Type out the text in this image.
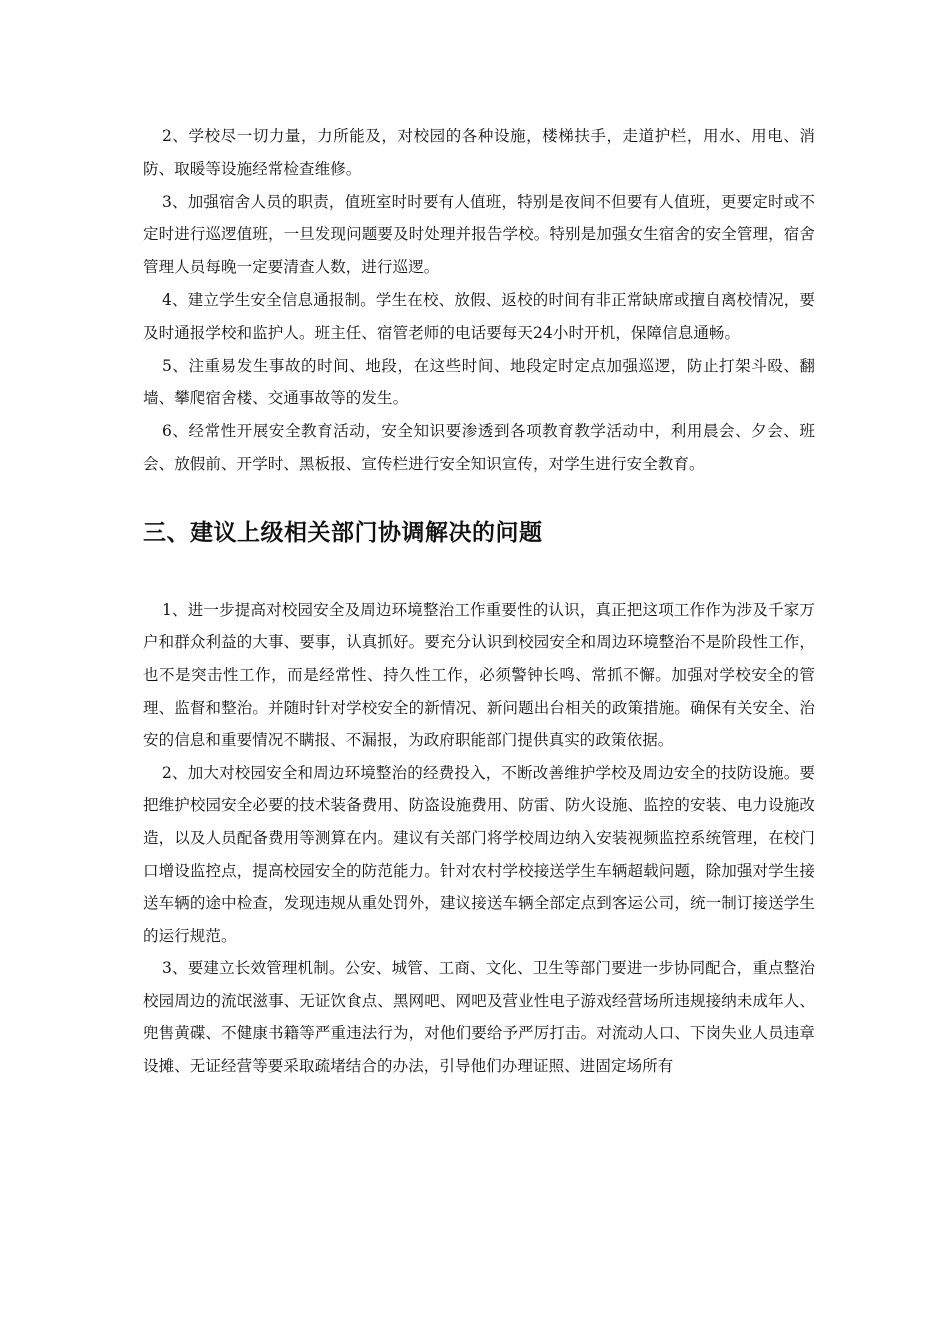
2、学校尽一切力量，力所能及，对校园的各种设施，楼梯扶手，走道护栏，用水、用电、消防、取暖等设施经常检查维修。

3、加强宿舍人员的职责，值班室时时要有人值班，特别是夜间不但要有人值班，更要定时或不定时进行巡逻值班，一旦发现问题要及时处理并报告学校。特别是加强女生宿舍的安全管理，宿舍管理人员每晚一定要清查人数，进行巡逻。

4、建立学生安全信息通报制。学生在校、放假、返校的时间有非正常缺席或擅自离校情况，要及时通报学校和监护人。班主任、宿管老师的电话要每天24小时开机，保障信息通畅。

5、注重易发生事故的时间、地段，在这些时间、地段定时定点加强巡逻，防止打架斗殴、翻墙、攀爬宿舍楼、交通事故等的发生。

6、经常性开展安全教育活动，安全知识要渗透到各项教育教学活动中，利用晨会、夕会、班会、放假前、开学时、黑板报、宣传栏进行安全知识宣传，对学生进行安全教育。

三、建议上级相关部门协调解决的问题

1、进一步提高对校园安全及周边环境整治工作重要性的认识，真正把这项工作作为涉及千家万户和群众利益的大事、要事，认真抓好。要充分认识到校园安全和周边环境整治不是阶段性工作，也不是突击性工作，而是经常性、持久性工作，必须警钟长鸣、常抓不懈。加强对学校安全的管理、监督和整治。并随时针对学校安全的新情况、新问题出台相关的政策措施。确保有关安全、治安的信息和重要情况不瞒报、不漏报，为政府职能部门提供真实的政策依据。

2、加大对校园安全和周边环境整治的经费投入，不断改善维护学校及周边安全的技防设施。要把维护校园安全必要的技术装备费用、防盗设施费用、防雷、防火设施、监控的安装、电力设施改造，以及人员配备费用等测算在内。建议有关部门将学校周边纳入安装视频监控系统管理，在校门口增设监控点，提高校园安全的防范能力。针对农村学校接送学生车辆超载问题，除加强对学生接送车辆的途中检查，发现违规从重处罚外，建议接送车辆全部定点到客运公司，统一制订接送学生的运行规范。

3、要建立长效管理机制。公安、城管、工商、文化、卫生等部门要进一步协同配合，重点整治校园周边的流氓滋事、无证饮食点、黑网吧、网吧及营业性电子游戏经营场所违规接纳未成年人、兜售黄碟、不健康书籍等严重违法行为，对他们要给予严厉打击。对流动人口、下岗失业人员违章设摊、无证经营等要采取疏堵结合的办法，引导他们办理证照、进固定场所有
